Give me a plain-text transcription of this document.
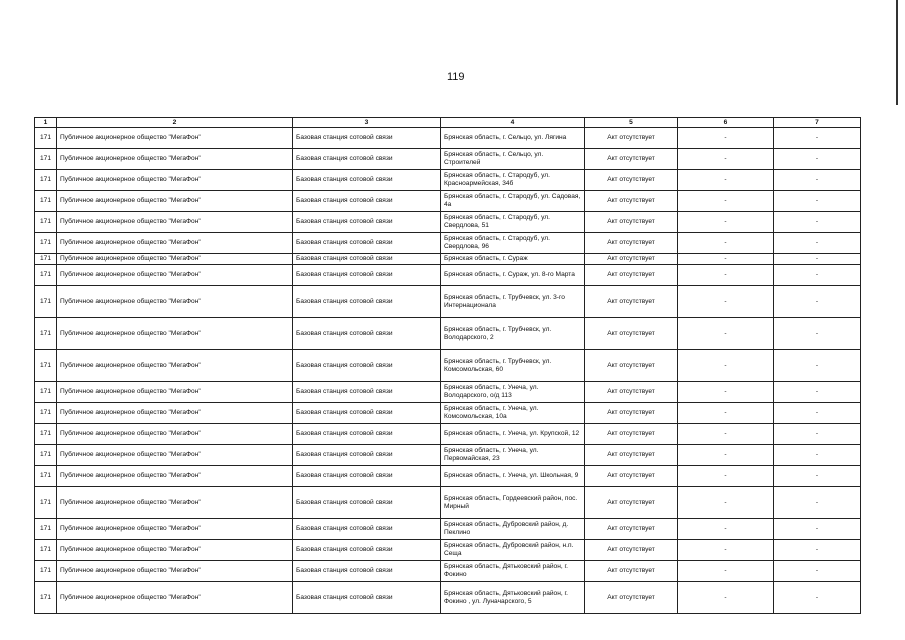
119
1	2	3	4	5	6	7
171	Публичное акционерное общество "МегаФон"	Базовая станция сотовой связи	Брянская область, г. Сельцо, ул. Лягина	Акт отсутствует	-	-
171	Публичное акционерное общество "МегаФон"	Базовая станция сотовой связи	Брянская область, г. Сельцо, ул. Строителей	Акт отсутствует	-	-
171	Публичное акционерное общество "МегаФон"	Базовая станция сотовой связи	Брянская область, г. Стародуб, ул. Красноармейская, 34б	Акт отсутствует	-	-
171	Публичное акционерное общество "МегаФон"	Базовая станция сотовой связи	Брянская область, г. Стародуб, ул. Садовая, 4а	Акт отсутствует	-	-
171	Публичное акционерное общество "МегаФон"	Базовая станция сотовой связи	Брянская область, г. Стародуб, ул. Свердлова, 51	Акт отсутствует	-	-
171	Публичное акционерное общество "МегаФон"	Базовая станция сотовой связи	Брянская область, г. Стародуб, ул. Свердлова, 96	Акт отсутствует	-	-
171	Публичное акционерное общество "МегаФон"	Базовая станция сотовой связи	Брянская область, г. Сураж	Акт отсутствует	-	-
171	Публичное акционерное общество "МегаФон"	Базовая станция сотовой связи	Брянская область, г. Сураж, ул. 8-го Марта	Акт отсутствует	-	-
171	Публичное акционерное общество "МегаФон"	Базовая станция сотовой связи	Брянская область, г. Трубчевск, ул. 3-го Интернационала	Акт отсутствует	-	-
171	Публичное акционерное общество "МегаФон"	Базовая станция сотовой связи	Брянская область, г. Трубчевск, ул. Володарского, 2	Акт отсутствует	-	-
171	Публичное акционерное общество "МегаФон"	Базовая станция сотовой связи	Брянская область, г. Трубчевск, ул. Комсомольская, 60	Акт отсутствует	-	-
171	Публичное акционерное общество "МегаФон"	Базовая станция сотовой связи	Брянская область, г. Унеча, ул. Володарского, о/д 113	Акт отсутствует	-	-
171	Публичное акционерное общество "МегаФон"	Базовая станция сотовой связи	Брянская область, г. Унеча, ул. Комсомольская, 10а	Акт отсутствует	-	-
171	Публичное акционерное общество "МегаФон"	Базовая станция сотовой связи	Брянская область, г. Унеча, ул. Крупской, 12	Акт отсутствует	-	-
171	Публичное акционерное общество "МегаФон"	Базовая станция сотовой связи	Брянская область, г. Унеча, ул. Первомайская, 23	Акт отсутствует	-	-
171	Публичное акционерное общество "МегаФон"	Базовая станция сотовой связи	Брянская область, г. Унеча, ул. Школьная, 9	Акт отсутствует	-	-
171	Публичное акционерное общество "МегаФон"	Базовая станция сотовой связи	Брянская область, Гордеевский район, пос. Мирный	Акт отсутствует	-	-
171	Публичное акционерное общество "МегаФон"	Базовая станция сотовой связи	Брянская область, Дубровский район, д. Пеклино	Акт отсутствует	-	-
171	Публичное акционерное общество "МегаФон"	Базовая станция сотовой связи	Брянская область, Дубровский район, н.п. Сеща	Акт отсутствует	-	-
171	Публичное акционерное общество "МегаФон"	Базовая станция сотовой связи	Брянская область, Дятьковский район, г. Фокино	Акт отсутствует	-	-
171	Публичное акционерное общество "МегаФон"	Базовая станция сотовой связи	Брянская область, Дятьковский район, г. Фокино , ул. Луначарского, 5	Акт отсутствует	-	-
